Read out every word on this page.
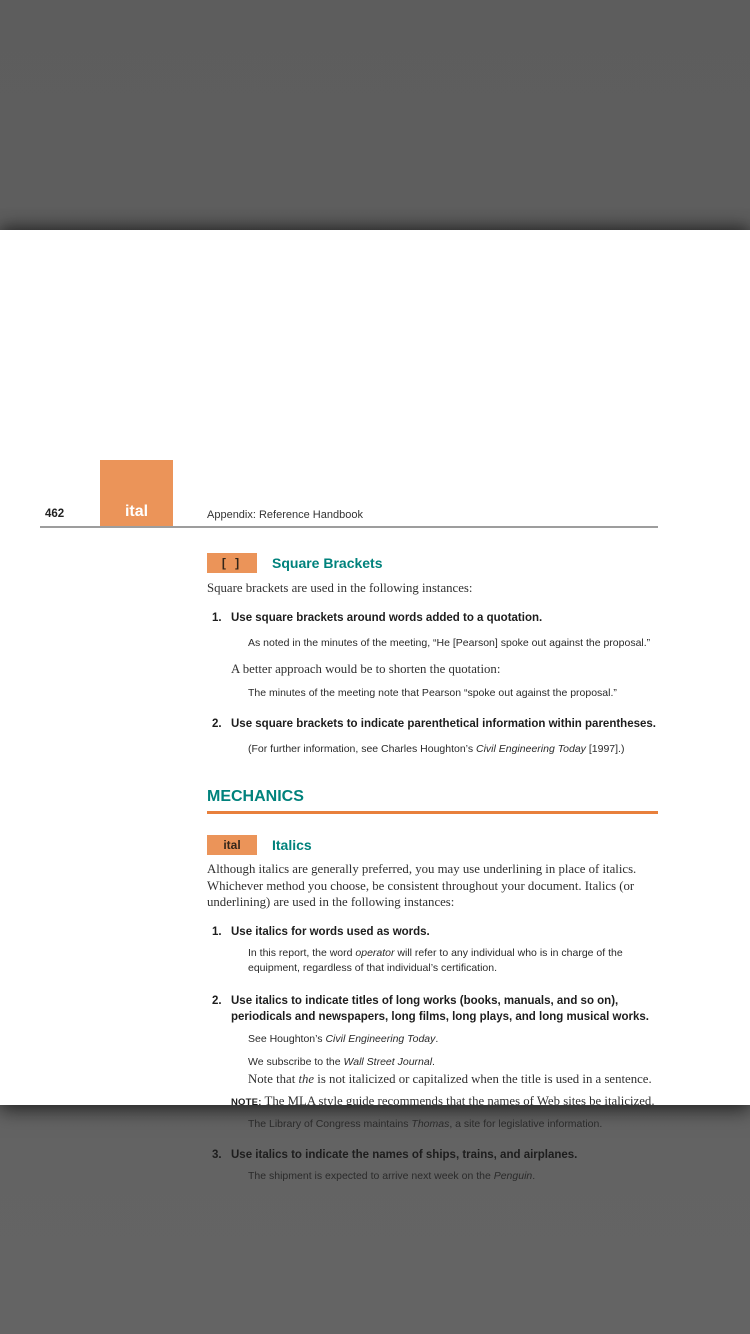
462	ital	Appendix: Reference Handbook
[ ]	Square Brackets

Square brackets are used in the following instances:

1. Use square brackets around words added to a quotation.

As noted in the minutes of the meeting, “He [Pearson] spoke out against the proposal.”

A better approach would be to shorten the quotation:

The minutes of the meeting note that Pearson “spoke out against the proposal.”

2. Use square brackets to indicate parenthetical information within parentheses.

(For further information, see Charles Houghton’s Civil Engineering Today [1997].)

MECHANICS
ital	Italics

Although italics are generally preferred, you may use underlining in place of italics. Whichever method you choose, be consistent throughout your document. Italics (or underlining) are used in the following instances:

1. Use italics for words used as words.

In this report, the word operator will refer to any individual who is in charge of the equipment, regardless of that individual’s certification.

2. Use italics to indicate titles of long works (books, manuals, and so on), periodicals and newspapers, long films, long plays, and long musical works.

See Houghton’s Civil Engineering Today.

We subscribe to the Wall Street Journal.

Note that the is not italicized or capitalized when the title is used in a sentence.

NOTE: The MLA style guide recommends that the names of Web sites be italicized.

The Library of Congress maintains Thomas, a site for legislative information.

3. Use italics to indicate the names of ships, trains, and airplanes.

The shipment is expected to arrive next week on the Penguin.
